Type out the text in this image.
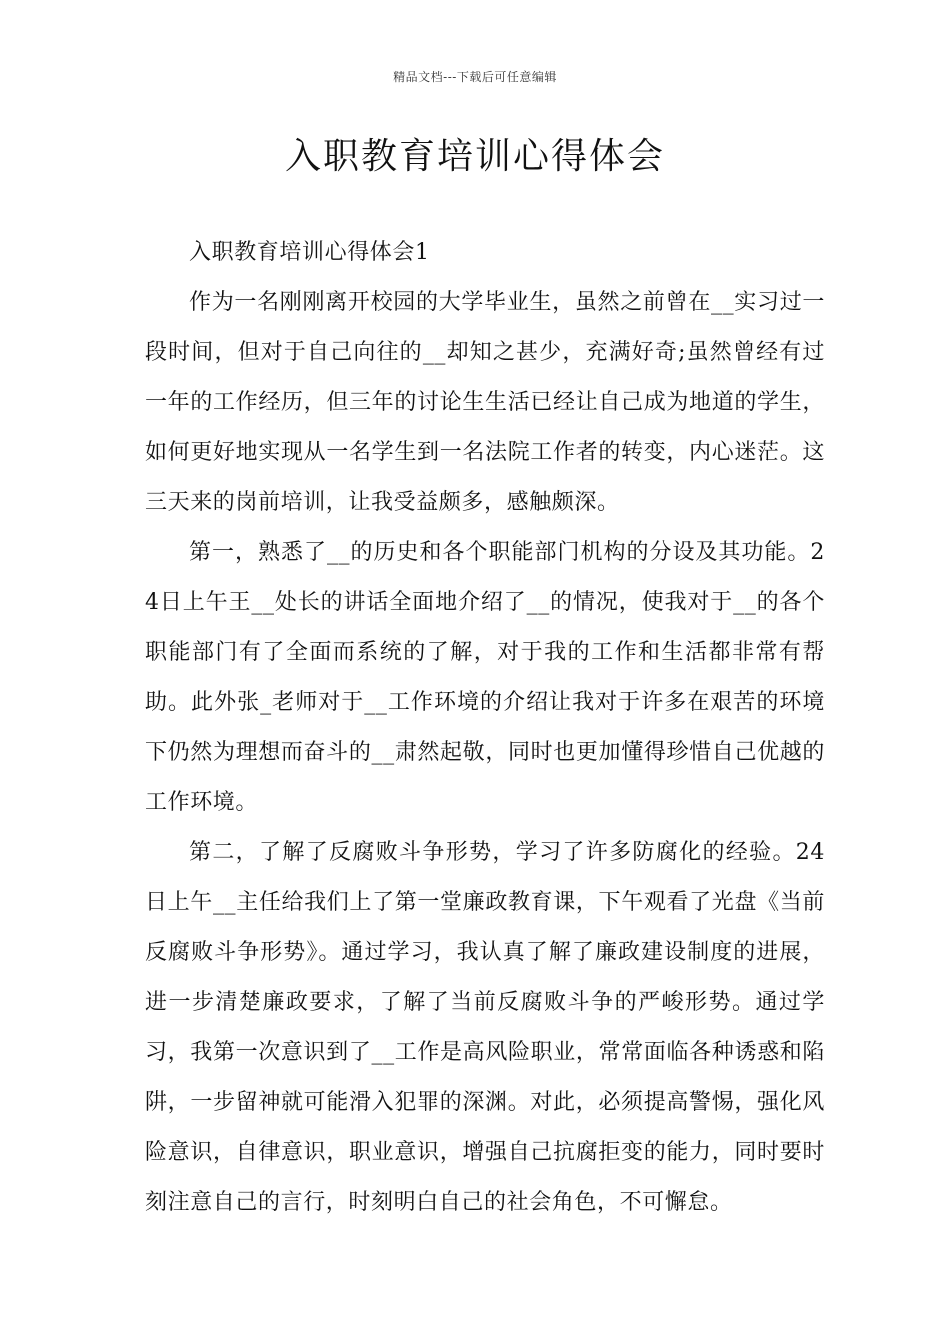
精品文档---下载后可任意编辑
入职教育培训心得体会

入职教育培训心得体会1

作为一名刚刚离开校园的大学毕业生，虽然之前曾在__实习过一段时间，但对于自己向往的__却知之甚少，充满好奇;虽然曾经有过一年的工作经历，但三年的讨论生生活已经让自己成为地道的学生，如何更好地实现从一名学生到一名法院工作者的转变，内心迷茫。这三天来的岗前培训，让我受益颇多，感触颇深。

第一，熟悉了__的历史和各个职能部门机构的分设及其功能。24日上午王__处长的讲话全面地介绍了__的情况，使我对于__的各个职能部门有了全面而系统的了解，对于我的工作和生活都非常有帮助。此外张_老师对于__工作环境的介绍让我对于许多在艰苦的环境下仍然为理想而奋斗的__肃然起敬，同时也更加懂得珍惜自己优越的工作环境。

第二，了解了反腐败斗争形势，学习了许多防腐化的经验。24日上午__主任给我们上了第一堂廉政教育课，下午观看了光盘《当前反腐败斗争形势》。通过学习，我认真了解了廉政建设制度的进展，进一步清楚廉政要求，了解了当前反腐败斗争的严峻形势。通过学习，我第一次意识到了__工作是高风险职业，常常面临各种诱惑和陷阱，一步留神就可能滑入犯罪的深渊。对此，必须提高警惕，强化风险意识，自律意识，职业意识，增强自己抗腐拒变的能力，同时要时刻注意自己的言行，时刻明白自己的社会角色，不可懈怠。
